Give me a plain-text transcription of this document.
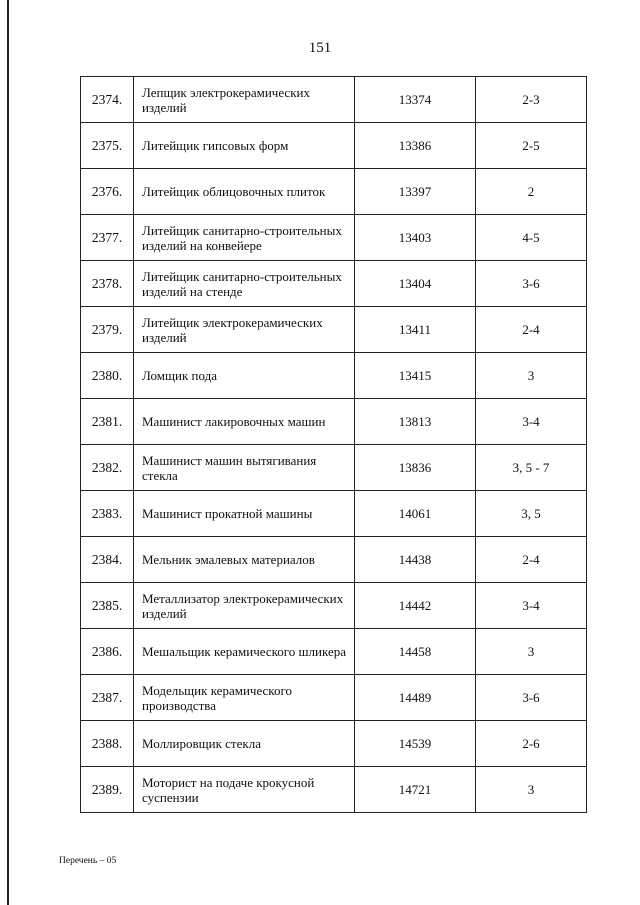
151
2374.	Лепщик электрокерамических изделий	13374	2-3
2375.	Литейщик гипсовых форм	13386	2-5
2376.	Литейщик облицовочных плиток	13397	2
2377.	Литейщик санитарно-строительных изделий на конвейере	13403	4-5
2378.	Литейщик санитарно-строительных изделий на стенде	13404	3-6
2379.	Литейщик электрокерамических изделий	13411	2-4
2380.	Ломщик пода	13415	3
2381.	Машинист лакировочных машин	13813	3-4
2382.	Машинист машин вытягивания стекла	13836	3, 5 - 7
2383.	Машинист прокатной машины	14061	3, 5
2384.	Мельник эмалевых материалов	14438	2-4
2385.	Металлизатор электрокерамических изделий	14442	3-4
2386.	Мешальщик керамического шликера	14458	3
2387.	Модельщик керамического производства	14489	3-6
2388.	Моллировщик стекла	14539	2-6
2389.	Моторист на подаче крокусной суспензии	14721	3
Перечень – 05
